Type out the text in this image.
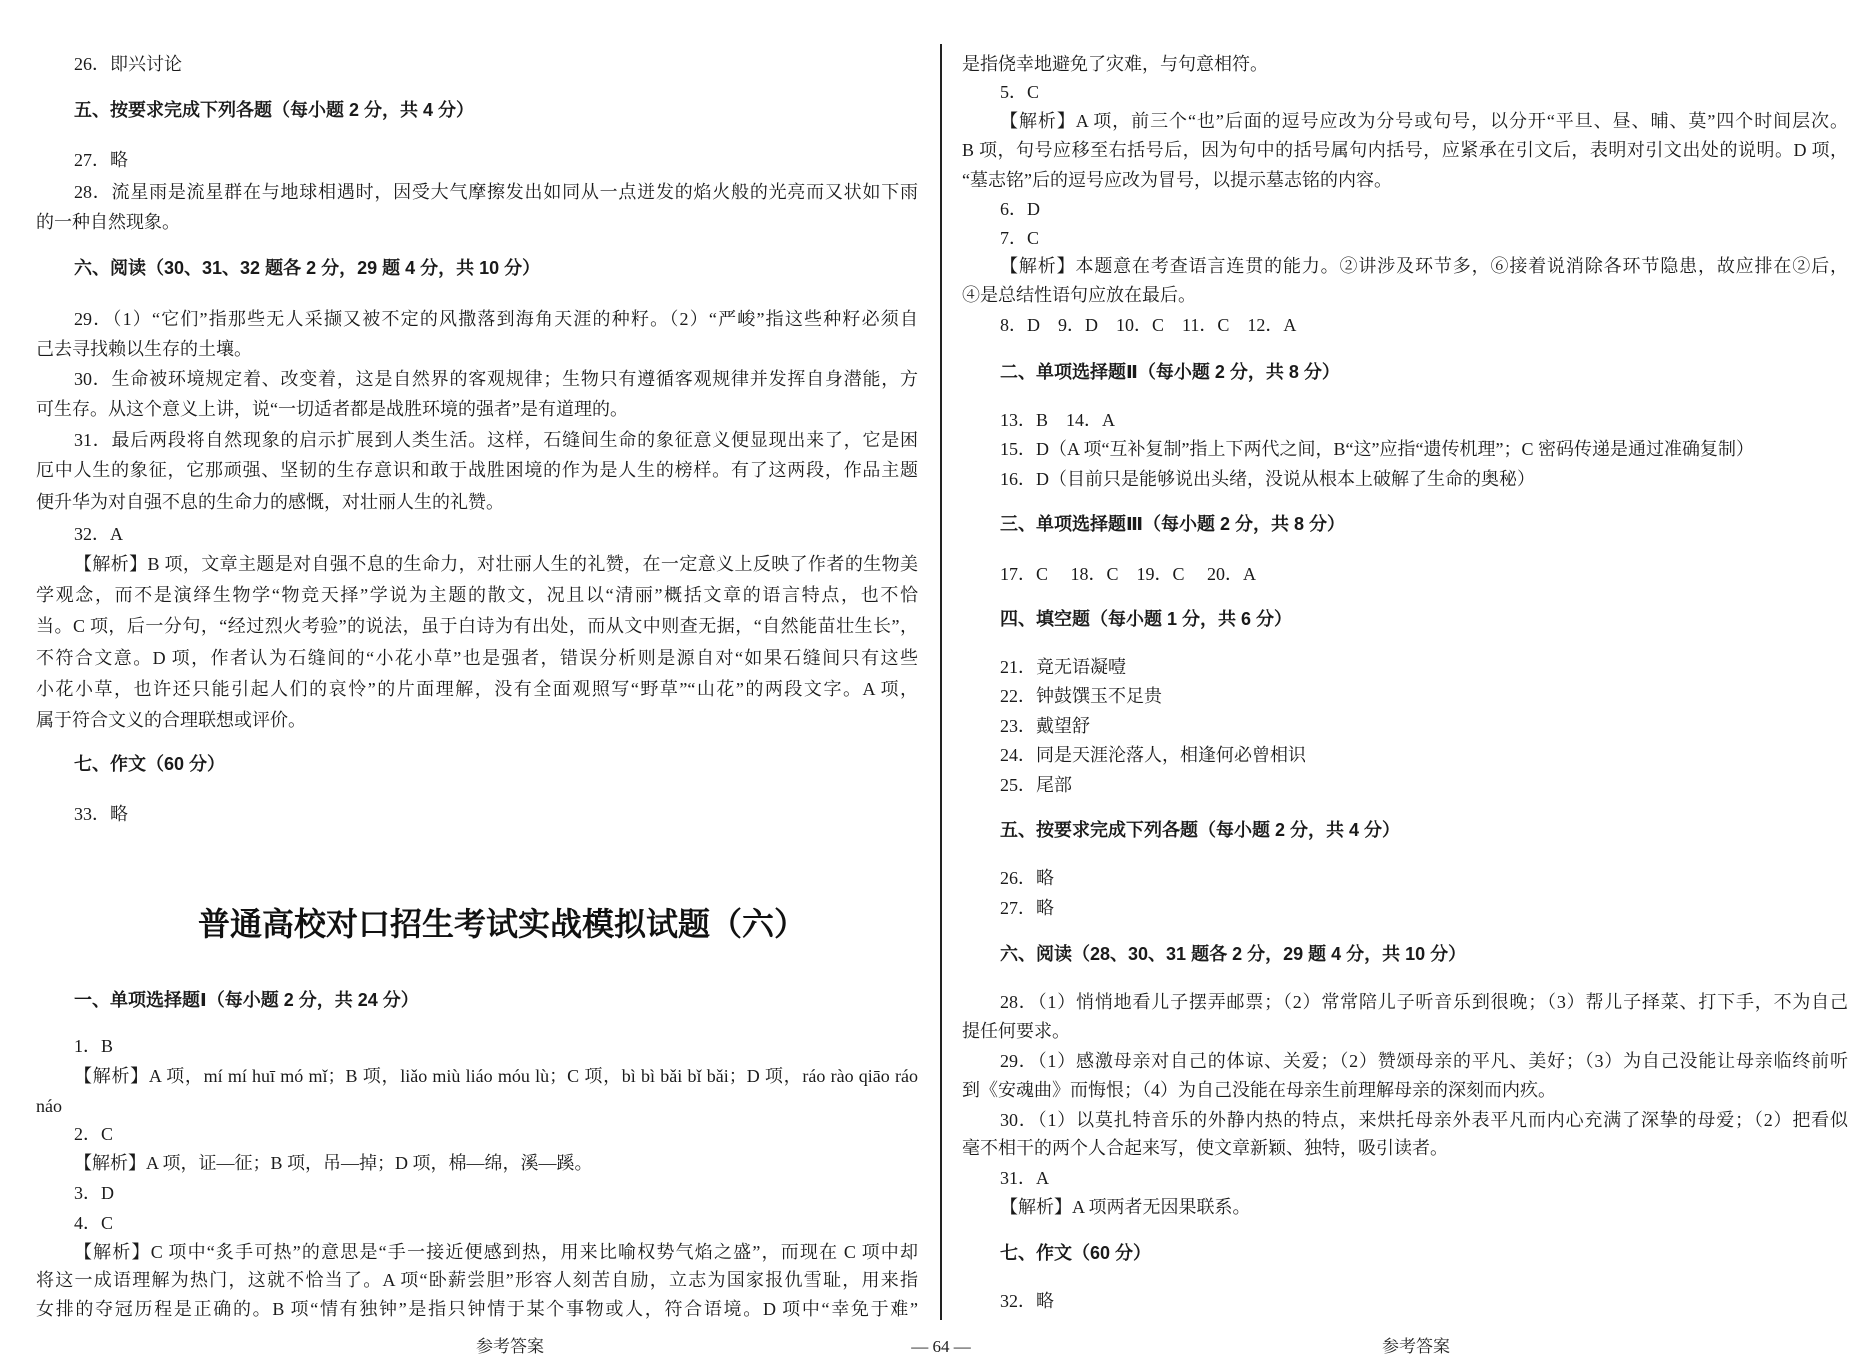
26．即兴讨论
五、按要求完成下列各题（每小题 2 分，共 4 分）
27．略
28．流星雨是流星群在与地球相遇时，因受大气摩擦发出如同从一点迸发的焰火般的光亮而又状如下雨
的一种自然现象。
六、阅读（30、31、32 题各 2 分，29 题 4 分，共 10 分）
29．（1）“它们”指那些无人采撷又被不定的风撒落到海角天涯的种籽。（2）“严峻”指这些种籽必须自
己去寻找赖以生存的土壤。
30．生命被环境规定着、改变着，这是自然界的客观规律；生物只有遵循客观规律并发挥自身潜能，方
可生存。从这个意义上讲，说“一切适者都是战胜环境的强者”是有道理的。
31．最后两段将自然现象的启示扩展到人类生活。这样，石缝间生命的象征意义便显现出来了，它是困
厄中人生的象征，它那顽强、坚韧的生存意识和敢于战胜困境的作为是人生的榜样。有了这两段，作品主题
便升华为对自强不息的生命力的感慨，对壮丽人生的礼赞。
32．A
【解析】B 项，文章主题是对自强不息的生命力，对壮丽人生的礼赞，在一定意义上反映了作者的生物美
学观念，而不是演绎生物学“物竞天择”学说为主题的散文，况且以“清丽”概括文章的语言特点，也不恰
当。C 项，后一分句，“经过烈火考验”的说法，虽于白诗为有出处，而从文中则查无据，“自然能苗壮生长”，
不符合文意。D 项，作者认为石缝间的“小花小草”也是强者，错误分析则是源自对“如果石缝间只有这些
小花小草，也许还只能引起人们的哀怜”的片面理解，没有全面观照写“野草”“山花”的两段文字。A 项，
属于符合文义的合理联想或评价。
七、作文（60 分）
33．略
普通高校对口招生考试实战模拟试题（六）
一、单项选择题Ⅰ（每小题 2 分，共 24 分）
1．B
【解析】A 项，mí mí huī mó mǐ；B 项，liǎo miù liáo móu lù；C 项，bì bì bǎi bǐ bǎi；D 项，ráo rào qiāo ráo
náo
2．C
【解析】A 项，证—征；B 项，吊—掉；D 项，棉—绵，溪—蹊。
3．D
4．C
【解析】C 项中“炙手可热”的意思是“手一接近便感到热，用来比喻权势气焰之盛”，而现在 C 项中却
将这一成语理解为热门，这就不恰当了。A 项“卧薪尝胆”形容人刻苦自励，立志为国家报仇雪耻，用来指
女排的夺冠历程是正确的。B 项“情有独钟”是指只钟情于某个事物或人，符合语境。D 项中“幸免于难”
是指侥幸地避免了灾难，与句意相符。
5．C
【解析】A 项，前三个“也”后面的逗号应改为分号或句号，以分开“平旦、昼、晡、莫”四个时间层次。
B 项，句号应移至右括号后，因为句中的括号属句内括号，应紧承在引文后，表明对引文出处的说明。D 项，
“墓志铭”后的逗号应改为冒号，以提示墓志铭的内容。
6．D
7．C
【解析】本题意在考查语言连贯的能力。②讲涉及环节多，⑥接着说消除各环节隐患，故应排在②后，
④是总结性语句应放在最后。
8．D　9．D　10．C　11．C　12．A
二、单项选择题Ⅱ（每小题 2 分，共 8 分）
13．B　14．A
15．D（A 项“互补复制”指上下两代之间，B“这”应指“遗传机理”；C 密码传递是通过准确复制）
16．D（目前只是能够说出头绪，没说从根本上破解了生命的奥秘）
三、单项选择题Ⅲ（每小题 2 分，共 8 分）
17．C　 18．C　19．C　 20．A
四、填空题（每小题 1 分，共 6 分）
21．竟无语凝噎
22．钟鼓馔玉不足贵
23．戴望舒
24．同是天涯沦落人，相逢何必曾相识
25．尾部
五、按要求完成下列各题（每小题 2 分，共 4 分）
26．略
27．略
六、阅读（28、30、31 题各 2 分，29 题 4 分，共 10 分）
28．（1）悄悄地看儿子摆弄邮票；（2）常常陪儿子听音乐到很晚；（3）帮儿子择菜、打下手，不为自己
提任何要求。
29．（1）感激母亲对自己的体谅、关爱；（2）赞颂母亲的平凡、美好；（3）为自己没能让母亲临终前听
到《安魂曲》而悔恨；（4）为自己没能在母亲生前理解母亲的深刻而内疚。
30．（1）以莫扎特音乐的外静内热的特点，来烘托母亲外表平凡而内心充满了深挚的母爱；（2）把看似
毫不相干的两个人合起来写，使文章新颖、独特，吸引读者。
31．A
【解析】A 项两者无因果联系。
七、作文（60 分）
32．略
参考答案	— 64 —	参考答案
